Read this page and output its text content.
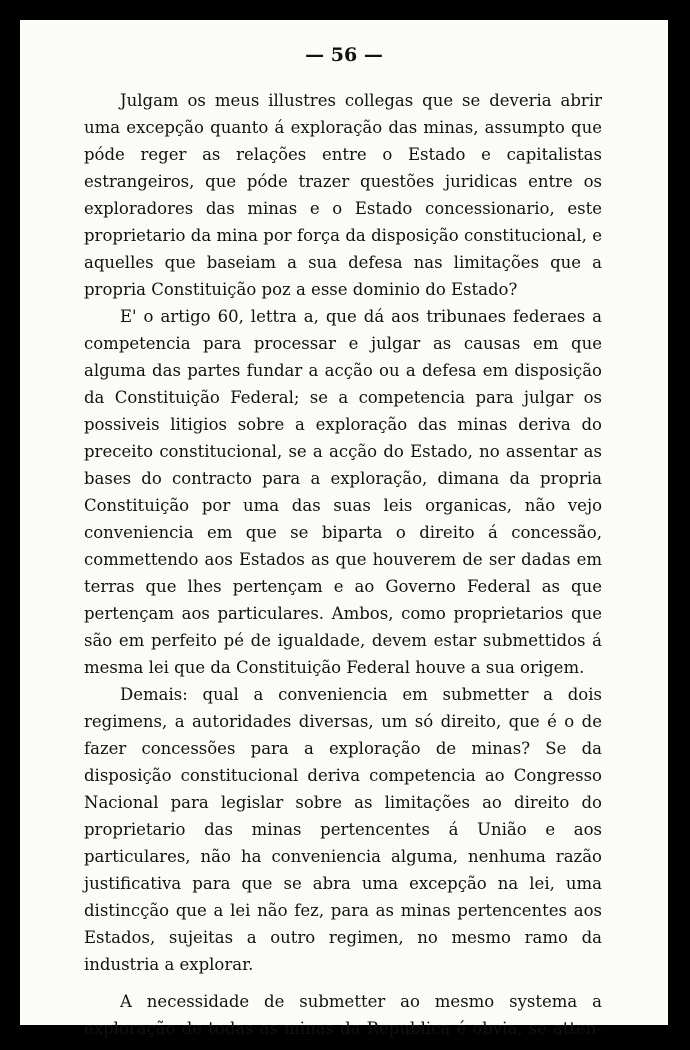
— 56 —

Julgam os meus illustres collegas que se deveria abrir uma excepção quanto á exploração das minas, assumpto que póde reger as relações entre o Estado e capitalistas estrangeiros, que póde trazer questões juridicas entre os exploradores das minas e o Estado concessionario, este proprietario da mina por força da disposição constitucional, e aquelles que baseiam a sua defesa nas limitações que a propria Constituição poz a esse dominio do Estado?

E' o artigo 60, lettra a, que dá aos tribunaes federaes a competencia para processar e julgar as causas em que alguma das partes fundar a acção ou a defesa em disposição da Constituição Federal; se a competencia para julgar os possiveis litigios sobre a exploração das minas deriva do preceito constitucional, se a acção do Estado, no assentar as bases do contracto para a exploração, dimana da propria Constituição por uma das suas leis organicas, não vejo conveniencia em que se biparta o direito á concessão, commettendo aos Estados as que houverem de ser dadas em terras que lhes pertençam e ao Governo Federal as que pertençam aos particulares. Ambos, como proprietarios que são em perfeito pé de igualdade, devem estar submettidos á mesma lei que da Constituição Federal houve a sua origem.

Demais: qual a conveniencia em submetter a dois regimens, a autoridades diversas, um só direito, que é o de fazer concessões para a exploração de minas? Se da disposição constitucional deriva competencia ao Congresso Nacional para legislar sobre as limitações ao direito do proprietario das minas pertencentes á União e aos particulares, não ha conveniencia alguma, nenhuma razão justificativa para que se abra uma excepção na lei, uma distincção que a lei não fez, para as minas pertencentes aos Estados, sujeitas a outro regimen, no mesmo ramo da industria a explorar.

A necessidade de submetter ao mesmo systema a exploração de todas as minas da Republica é obvia, se atten-
